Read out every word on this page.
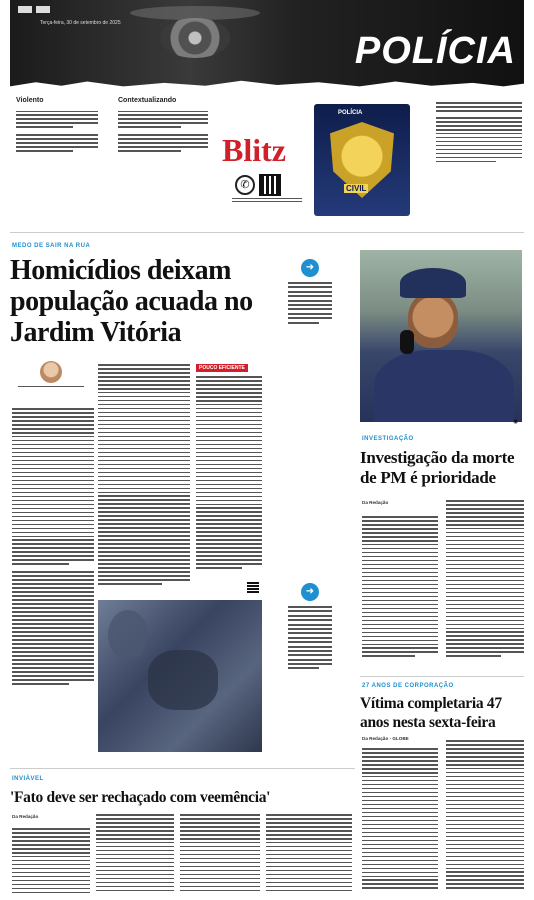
Terça-feira, 30 de setembro de 2025
POLÍCIA
Violento	Contextualizando
Blitz
✆
POLÍCIA
CIVIL
MEDO DE SAIR NA RUA
Homicídios deixam população acuada no Jardim Vitória
POUCO EFICIENTE
➜
➜
◉
INVESTIGAÇÃO
Investigação da morte de PM é prioridade
Da Redação
27 ANOS DE CORPORAÇÃO
Vítima completaria 47 anos nesta sexta-feira
Da Redação - GLOBE
INVIÁVEL
'Fato deve ser rechaçado com veemência'
Da Redação
